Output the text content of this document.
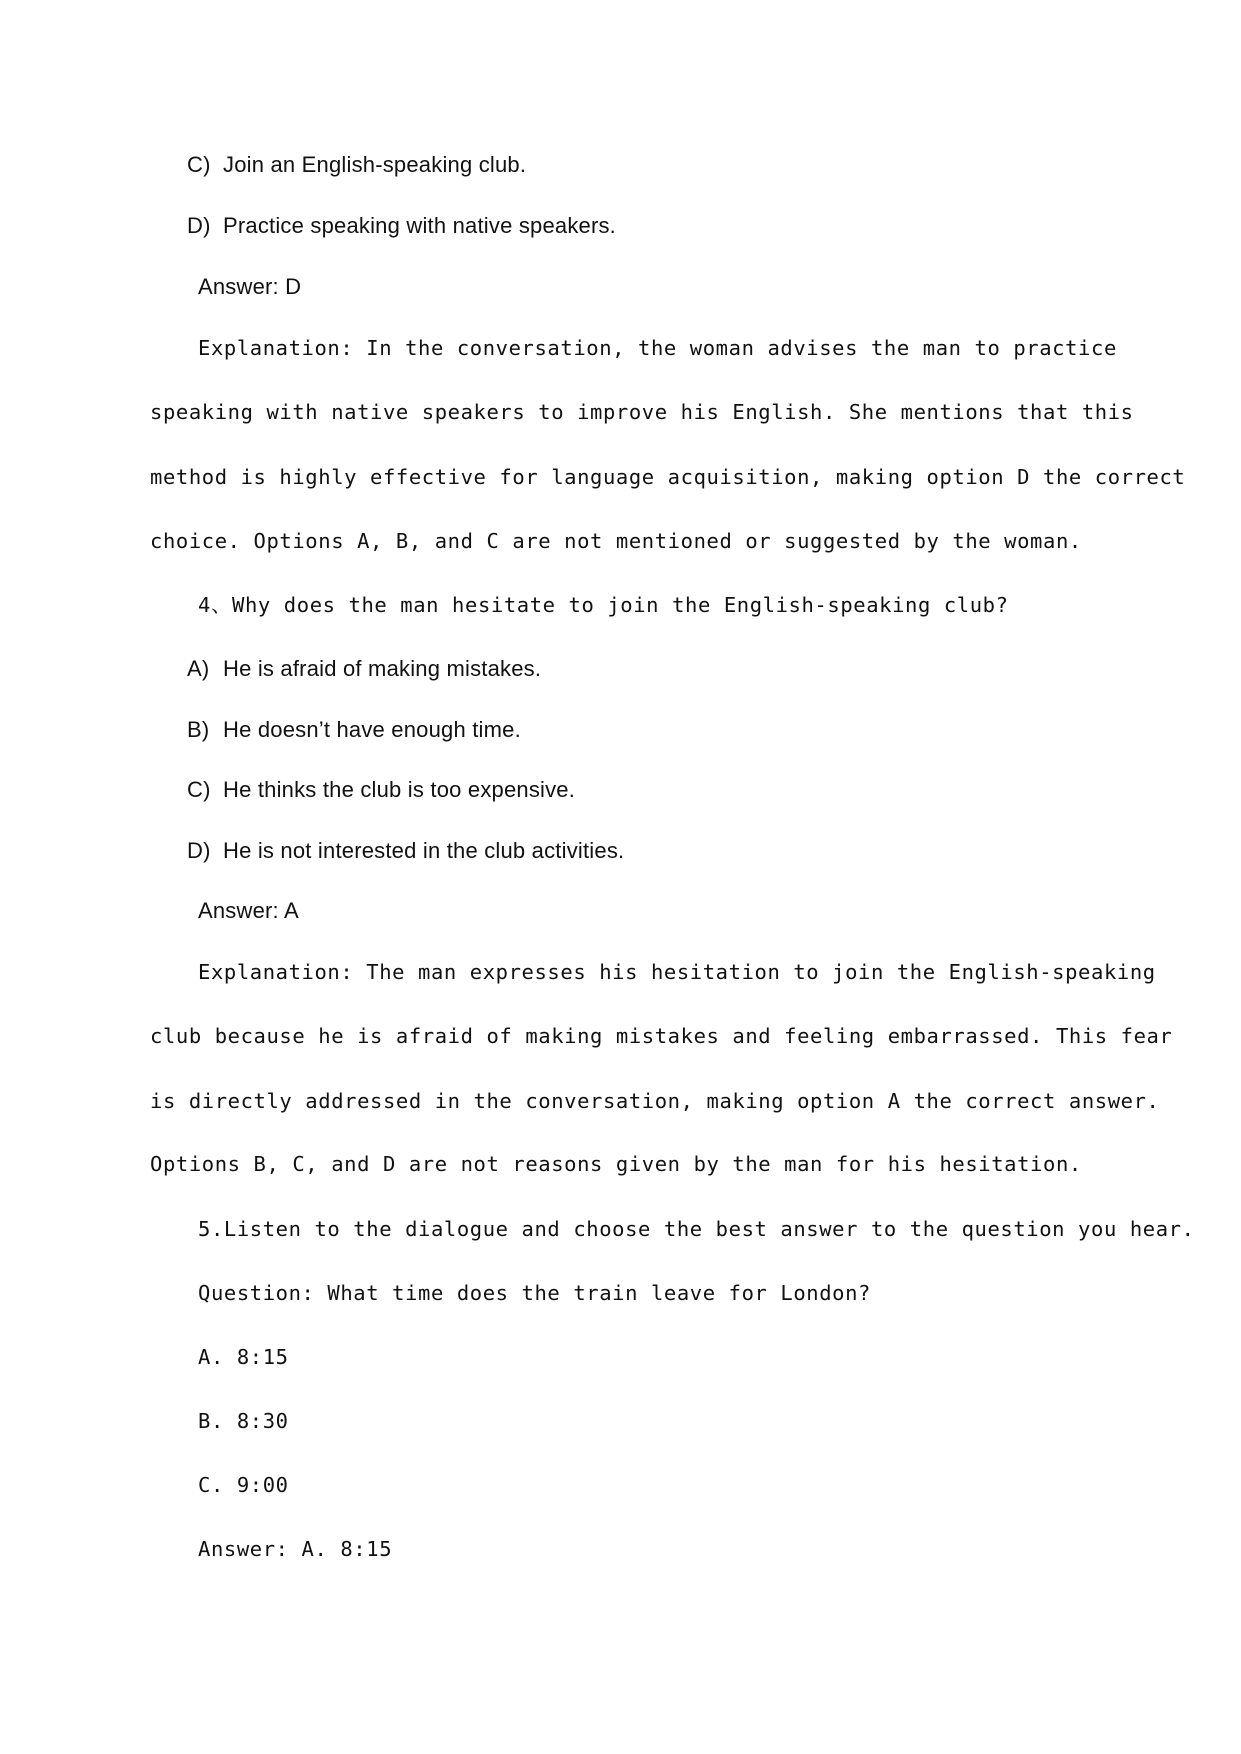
C) Join an English-speaking club.
D) Practice speaking with native speakers.
Answer: D
Explanation: In the conversation, the woman advises the man to practice
speaking with native speakers to improve his English. She mentions that this
method is highly effective for language acquisition, making option D the correct
choice. Options A, B, and C are not mentioned or suggested by the woman.
4、Why does the man hesitate to join the English-speaking club?
A) He is afraid of making mistakes.
B) He doesn’t have enough time.
C) He thinks the club is too expensive.
D) He is not interested in the club activities.
Answer: A
Explanation: The man expresses his hesitation to join the English-speaking
club because he is afraid of making mistakes and feeling embarrassed. This fear
is directly addressed in the conversation, making option A the correct answer.
Options B, C, and D are not reasons given by the man for his hesitation.
5.Listen to the dialogue and choose the best answer to the question you hear.
Question: What time does the train leave for London?
A. 8:15
B. 8:30
C. 9:00
Answer: A. 8:15
